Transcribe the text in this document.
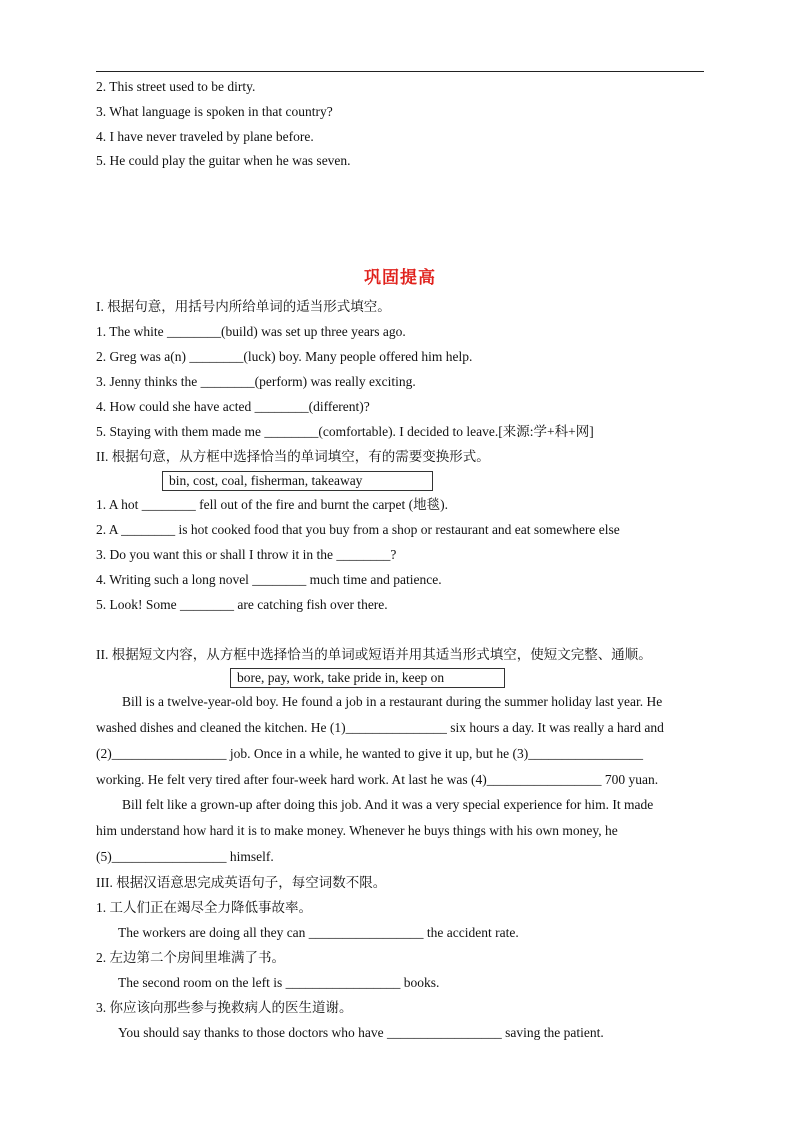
2. This street used to be dirty.
3. What language is spoken in that country?
4. I have never traveled by plane before.
5. He could play the guitar when he was seven.
巩固提高
I. 根据句意，用括号内所给单词的适当形式填空。
1. The white ________(build) was set up three years ago.
2. Greg was a(n) ________(luck) boy. Many people offered him help.
3. Jenny thinks the ________(perform) was really exciting.
4. How could she have acted ________(different)?
5. Staying with them made me ________(comfortable). I decided to leave.[来源:学+科+网]
II. 根据句意，从方框中选择恰当的单词填空，有的需要变换形式。
bin, cost, coal, fisherman, takeaway
1. A hot ________ fell out of the fire and burnt the carpet (地毯).
2. A ________ is hot cooked food that you buy from a shop or restaurant and eat somewhere else
3. Do you want this or shall I throw it in the ________?
4. Writing such a long novel ________ much time and patience.
5. Look! Some ________ are catching fish over there.
II. 根据短文内容，从方框中选择恰当的单词或短语并用其适当形式填空，使短文完整、通顺。
bore, pay, work, take pride in, keep on
Bill is a twelve-year-old boy. He found a job in a restaurant during the summer holiday last year. He
washed dishes and cleaned the kitchen. He (1)_______________ six hours a day. It was really a hard and
(2)_________________ job. Once in a while, he wanted to give it up, but he (3)_________________
working. He felt very tired after four-week hard work. At last he was (4)_________________ 700 yuan.
Bill felt like a grown-up after doing this job. And it was a very special experience for him. It made
him understand how hard it is to make money. Whenever he buys things with his own money, he
(5)_________________ himself.
III. 根据汉语意思完成英语句子，每空词数不限。
1. 工人们正在竭尽全力降低事故率。
The workers are doing all they can _________________ the accident rate.
2. 左边第二个房间里堆满了书。
The second room on the left is _________________ books.
3. 你应该向那些参与挽救病人的医生道谢。
You should say thanks to those doctors who have _________________ saving the patient.
